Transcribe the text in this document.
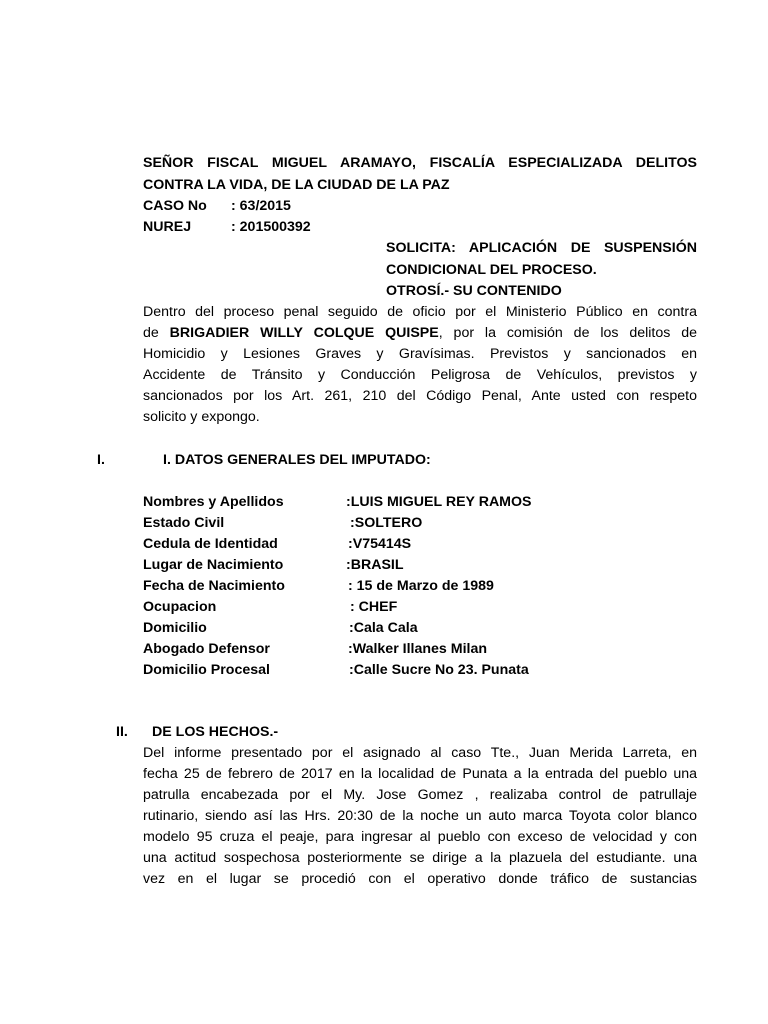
SEÑOR FISCAL MIGUEL ARAMAYO, FISCALÍA ESPECIALIZADA DELITOS
CONTRA LA VIDA, DE LA CIUDAD DE LA PAZ
CASO No : 63/2015
NUREJ	: 201500392
SOLICITA: APLICACIÓN DE SUSPENSIÓN
CONDICIONAL DEL PROCESO.
OTROSÍ.- SU CONTENIDO
Dentro del proceso penal seguido de oficio por el Ministerio Público en contra
de BRIGADIER WILLY COLQUE QUISPE, por la comisión de los delitos de
Homicidio y Lesiones Graves y Gravísimas. Previstos y sancionados en
Accidente de Tránsito y Conducción Peligrosa de Vehículos, previstos y
sancionados por los Art. 261, 210 del Código Penal, Ante usted con respeto
solicito y expongo.
I.	I. DATOS GENERALES DEL IMPUTADO:
Nombres y Apellidos	:LUIS MIGUEL REY RAMOS
Estado Civil	:SOLTERO
Cedula de Identidad	:V75414S
Lugar de Nacimiento	:BRASIL
Fecha de Nacimiento	: 15 de Marzo de 1989
Ocupacion	: CHEF
Domicilio	:Cala Cala
Abogado Defensor	:Walker Illanes Milan
Domicilio Procesal	:Calle Sucre No 23. Punata
II. DE LOS HECHOS.-
Del informe presentado por el asignado al caso Tte., Juan Merida Larreta, en
fecha 25 de febrero de 2017 en la localidad de Punata a la entrada del pueblo una
patrulla encabezada por el My. Jose Gomez , realizaba control de patrullaje
rutinario, siendo así las Hrs. 20:30 de la noche un auto marca Toyota color blanco
modelo 95 cruza el peaje, para ingresar al pueblo con exceso de velocidad y con
una actitud sospechosa posteriormente se dirige a la plazuela del estudiante. una
vez en el lugar se procedió con el operativo donde tráfico de sustancias
